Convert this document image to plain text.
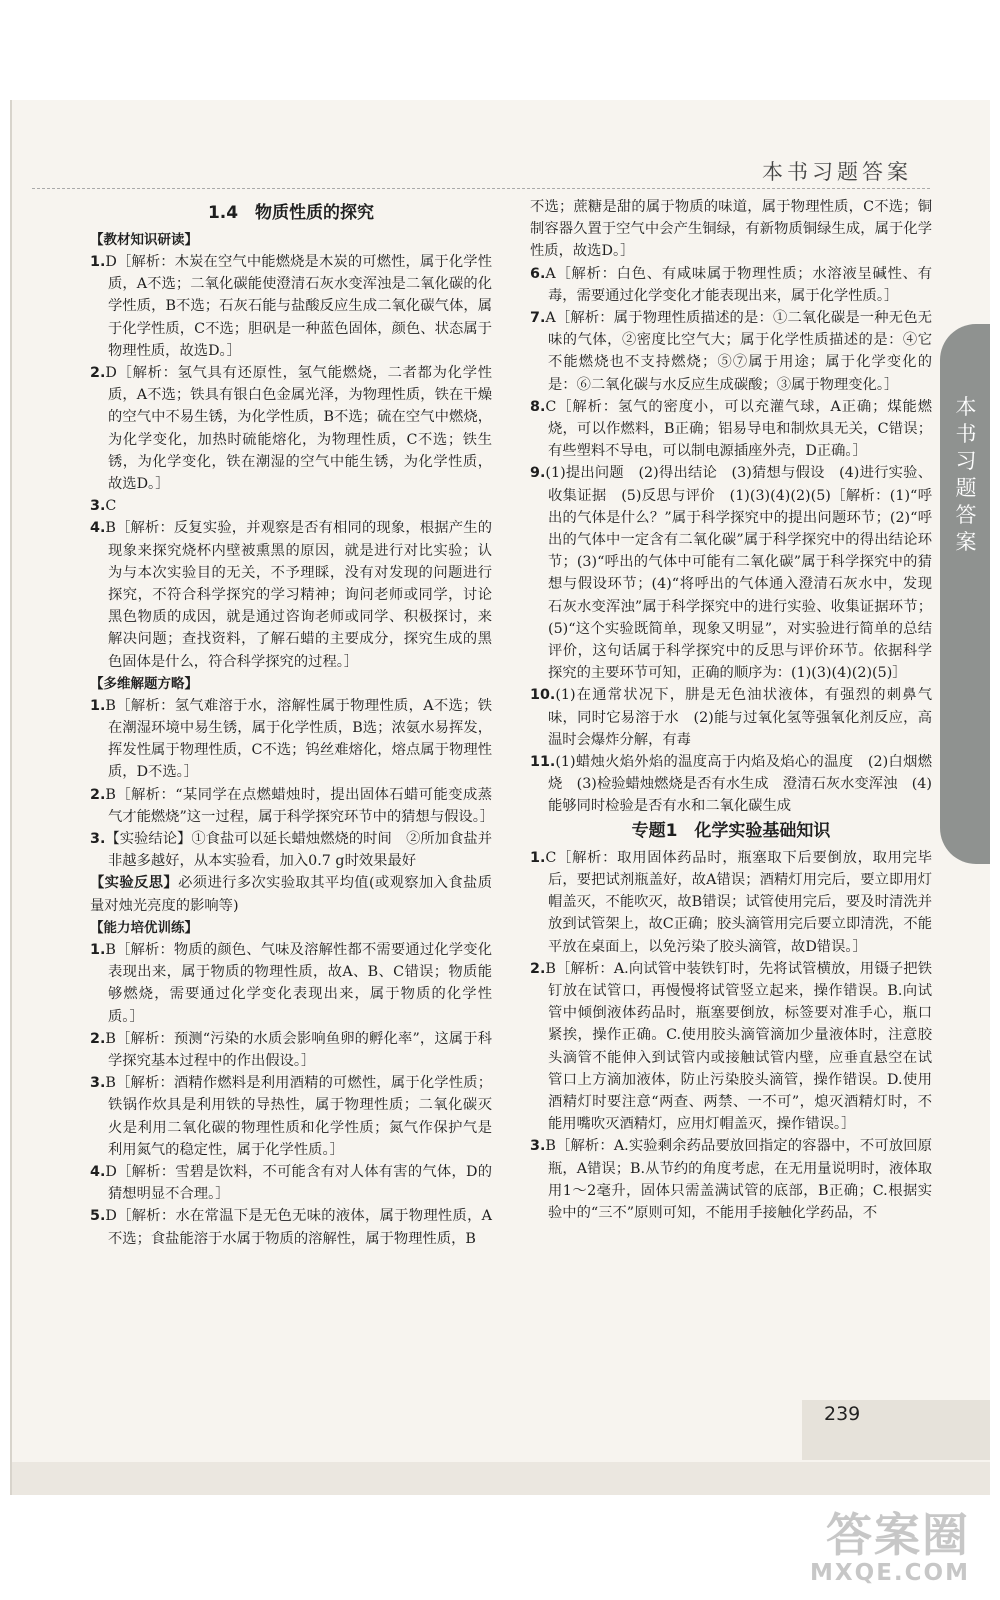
本书习题答案
本书习题答案
1.4　物质性质的探究
【教材知识研读】

1.D［解析：木炭在空气中能燃烧是木炭的可燃性，属于化学性质，A不选；二氧化碳能使澄清石灰水变浑浊是二氧化碳的化学性质，B不选；石灰石能与盐酸反应生成二氧化碳气体，属于化学性质，C不选；胆矾是一种蓝色固体，颜色、状态属于物理性质，故选D。］

2.D［解析：氢气具有还原性，氢气能燃烧，二者都为化学性质，A不选；铁具有银白色金属光泽，为物理性质，铁在干燥的空气中不易生锈，为化学性质，B不选；硫在空气中燃烧，为化学变化，加热时硫能熔化，为物理性质，C不选；铁生锈，为化学变化，铁在潮湿的空气中能生锈，为化学性质，故选D。］

3.C

4.B［解析：反复实验，并观察是否有相同的现象，根据产生的现象来探究烧杯内壁被熏黑的原因，就是进行对比实验；认为与本次实验目的无关，不予理睬，没有对发现的问题进行探究，不符合科学探究的学习精神；询问老师或同学，讨论黑色物质的成因，就是通过咨询老师或同学、积极探讨，来解决问题；查找资料，了解石蜡的主要成分，探究生成的黑色固体是什么，符合科学探究的过程。］

【多维解题方略】

1.B［解析：氢气难溶于水，溶解性属于物理性质，A不选；铁在潮湿环境中易生锈，属于化学性质，B选；浓氨水易挥发，挥发性属于物理性质，C不选；钨丝难熔化，熔点属于物理性质，D不选。］

2.B［解析：“某同学在点燃蜡烛时，提出固体石蜡可能变成蒸气才能燃烧”这一过程，属于科学探究环节中的猜想与假设。］

3.【实验结论】①食盐可以延长蜡烛燃烧的时间　②所加食盐并非越多越好，从本实验看，加入0.7 g时效果最好

【实验反思】必须进行多次实验取其平均值(或观察加入食盐质量对烛光亮度的影响等)

【能力培优训练】

1.B［解析：物质的颜色、气味及溶解性都不需要通过化学变化表现出来，属于物质的物理性质，故A、B、C错误；物质能够燃烧，需要通过化学变化表现出来，属于物质的化学性质。］

2.B［解析：预测“污染的水质会影响鱼卵的孵化率”，这属于科学探究基本过程中的作出假设。］

3.B［解析：酒精作燃料是利用酒精的可燃性，属于化学性质；铁锅作炊具是利用铁的导热性，属于物理性质；二氧化碳灭火是利用二氧化碳的物理性质和化学性质；氮气作保护气是利用氮气的稳定性，属于化学性质。］

4.D［解析：雪碧是饮料，不可能含有对人体有害的气体，D的猜想明显不合理。］

5.D［解析：水在常温下是无色无味的液体，属于物理性质，A不选；食盐能溶于水属于物质的溶解性，属于物理性质，B

不选；蔗糖是甜的属于物质的味道，属于物理性质，C不选；铜制容器久置于空气中会产生铜绿，有新物质铜绿生成，属于化学性质，故选D。］

6.A［解析：白色、有咸味属于物理性质；水溶液呈碱性、有毒，需要通过化学变化才能表现出来，属于化学性质。］

7.A［解析：属于物理性质描述的是：①二氧化碳是一种无色无味的气体，②密度比空气大；属于化学性质描述的是：④它不能燃烧也不支持燃烧；⑤⑦属于用途；属于化学变化的是：⑥二氧化碳与水反应生成碳酸；③属于物理变化。］

8.C［解析：氢气的密度小，可以充灌气球，A正确；煤能燃烧，可以作燃料，B正确；铝易导电和制炊具无关，C错误；有些塑料不导电，可以制电源插座外壳，D正确。］

9.(1)提出问题　(2)得出结论　(3)猜想与假设　(4)进行实验、收集证据　(5)反思与评价　(1)(3)(4)(2)(5)［解析：(1)“呼出的气体是什么？”属于科学探究中的提出问题环节；(2)“呼出的气体中一定含有二氧化碳”属于科学探究中的得出结论环节；(3)“呼出的气体中可能有二氧化碳”属于科学探究中的猜想与假设环节；(4)“将呼出的气体通入澄清石灰水中，发现石灰水变浑浊”属于科学探究中的进行实验、收集证据环节；(5)“这个实验既简单，现象又明显”，对实验进行简单的总结评价，这句话属于科学探究中的反思与评价环节。依据科学探究的主要环节可知，正确的顺序为：(1)(3)(4)(2)(5)］

10.(1)在通常状况下，肼是无色油状液体，有强烈的刺鼻气味，同时它易溶于水　(2)能与过氧化氢等强氧化剂反应，高温时会爆炸分解，有毒

11.(1)蜡烛火焰外焰的温度高于内焰及焰心的温度　(2)白烟燃烧　(3)检验蜡烛燃烧是否有水生成　澄清石灰水变浑浊　(4)能够同时检验是否有水和二氧化碳生成

专题1　化学实验基础知识

1.C［解析：取用固体药品时，瓶塞取下后要倒放，取用完毕后，要把试剂瓶盖好，故A错误；酒精灯用完后，要立即用灯帽盖灭，不能吹灭，故B错误；试管使用完后，要及时清洗并放到试管架上，故C正确；胶头滴管用完后要立即清洗，不能平放在桌面上，以免污染了胶头滴管，故D错误。］

2.B［解析：A.向试管中装铁钉时，先将试管横放，用镊子把铁钉放在试管口，再慢慢将试管竖立起来，操作错误。B.向试管中倾倒液体药品时，瓶塞要倒放，标签要对准手心，瓶口紧挨，操作正确。C.使用胶头滴管滴加少量液体时，注意胶头滴管不能伸入到试管内或接触试管内壁，应垂直悬空在试管口上方滴加液体，防止污染胶头滴管，操作错误。D.使用酒精灯时要注意“两查、两禁、一不可”，熄灭酒精灯时，不能用嘴吹灭酒精灯，应用灯帽盖灭，操作错误。］

3.B［解析：A.实验剩余药品要放回指定的容器中，不可放回原瓶，A错误；B.从节约的角度考虑，在无用量说明时，液体取用1～2毫升，固体只需盖满试管的底部，B正确；C.根据实验中的“三不”原则可知，不能用手接触化学药品，不

239
答案圈
MXQE.COM
